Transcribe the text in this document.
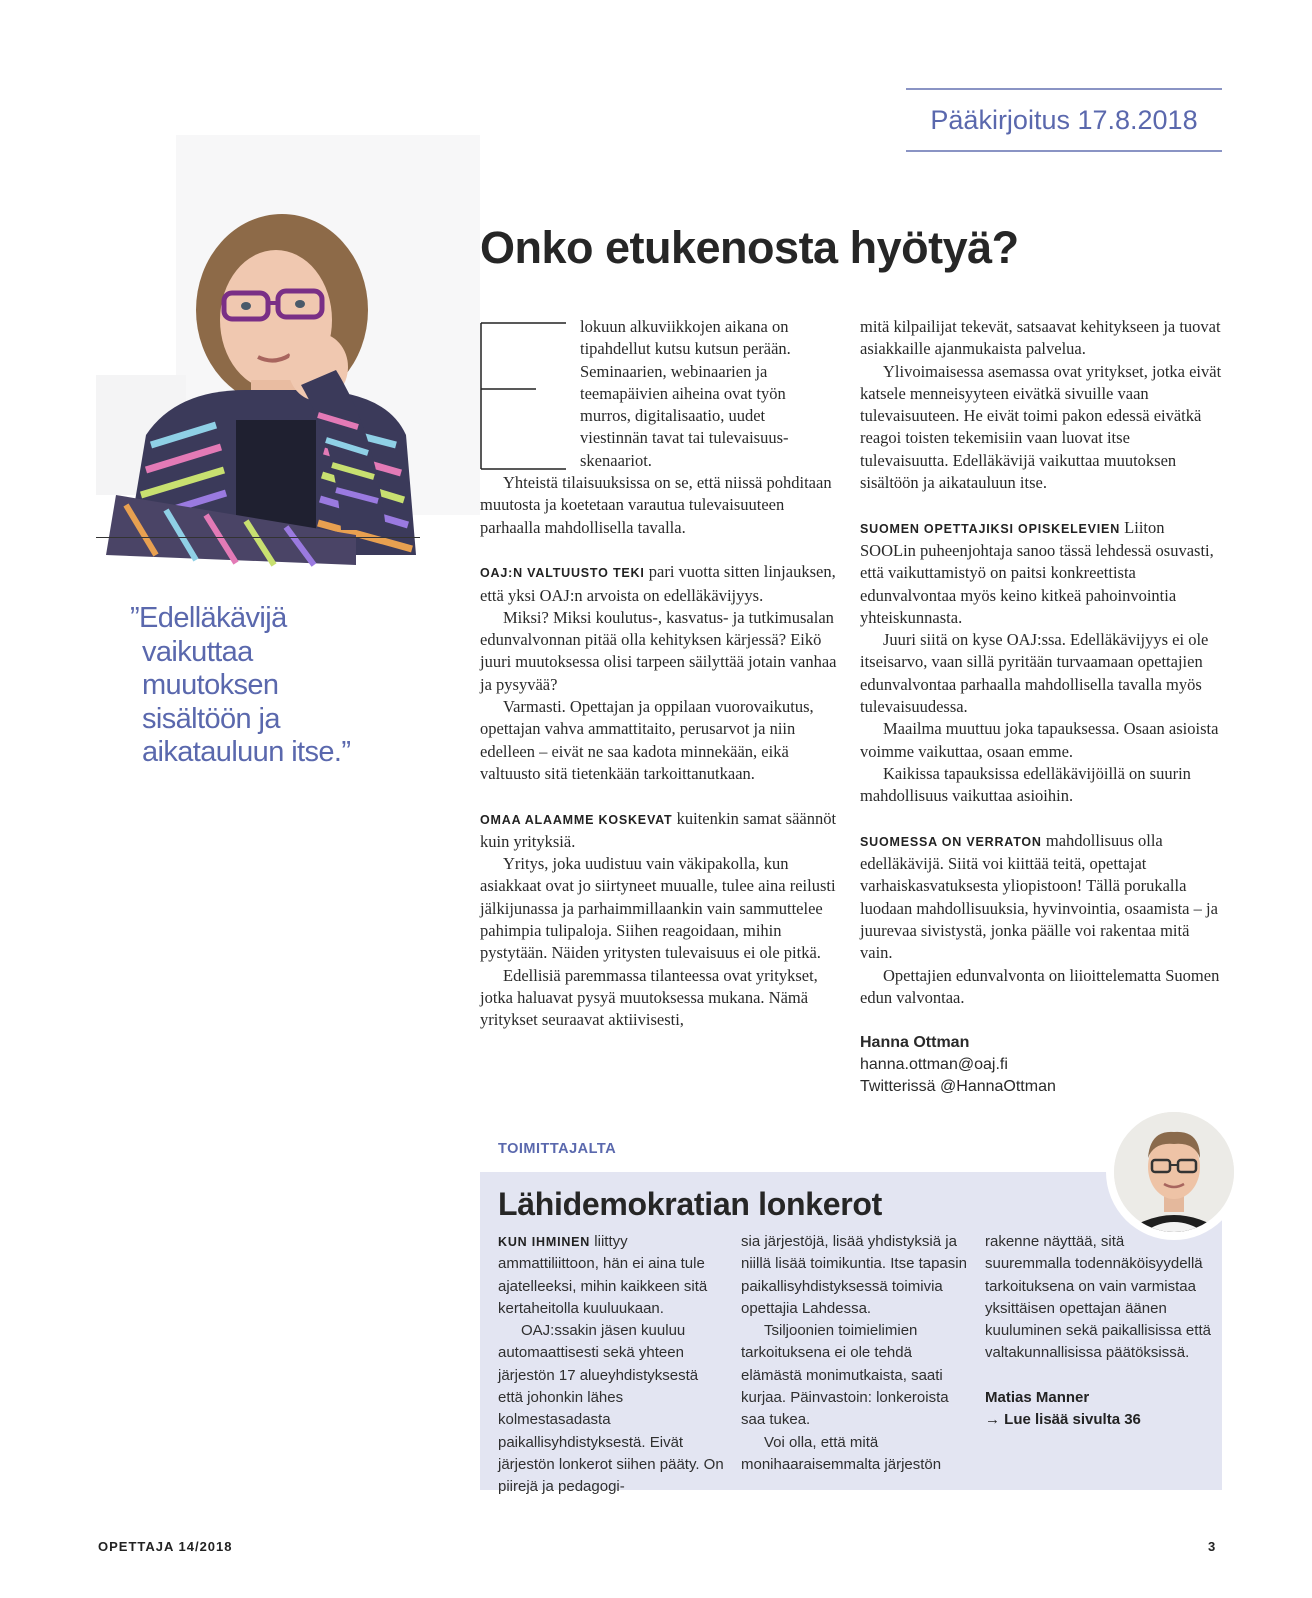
Pääkirjoitus 17.8.2018
”Edelläkävijä
vaikuttaa
muutoksen
sisältöön ja
aikatauluun itse.”
Onko etukenosta hyötyä?

lokuun alkuviikkojen aikana on

tipahdellut kutsu kutsun perään.

Seminaarien, webinaarien ja

teemapäivien aiheina ovat työn

murros, digitalisaatio, uudet

viestinnän tavat tai tulevaisuus-

skenaariot.

Yhteistä tilaisuuksissa on se, että niissä pohditaan muutosta ja koetetaan varautua tulevaisuuteen parhaalla mahdollisella tavalla.

OAJ:N VALTUUSTO TEKI pari vuotta sitten linjauksen, että yksi OAJ:n arvoista on edelläkävijyys.

Miksi? Miksi koulutus-, kasvatus- ja tutkimusalan edunvalvonnan pitää olla kehityksen kärjessä? Eikö juuri muutoksessa olisi tarpeen säilyttää jotain vanhaa ja pysyvää?

Varmasti. Opettajan ja oppilaan vuorovaikutus, opettajan vahva ammattitaito, perusarvot ja niin edelleen – eivät ne saa kadota minnekään, eikä valtuusto sitä tietenkään tarkoittanutkaan.

OMAA ALAAMME KOSKEVAT kuitenkin samat säännöt kuin yrityksiä.

Yritys, joka uudistuu vain väkipakolla, kun asiakkaat ovat jo siirtyneet muualle, tulee aina reilusti jälkijunassa ja parhaimmillaankin vain sammuttelee pahimpia tulipaloja. Siihen reagoidaan, mihin pystytään. Näiden yritysten tulevaisuus ei ole pitkä.

Edellisiä paremmassa tilanteessa ovat yritykset, jotka haluavat pysyä muutoksessa mukana. Nämä yritykset seuraavat aktiivisesti,

mitä kilpailijat tekevät, satsaavat kehitykseen ja tuovat asiakkaille ajanmukaista palvelua.

Ylivoimaisessa asemassa ovat yritykset, jotka eivät katsele menneisyyteen eivätkä sivuille vaan tulevaisuuteen. He eivät toimi pakon edessä eivätkä reagoi toisten tekemisiin vaan luovat itse tulevaisuutta. Edelläkävijä vaikuttaa muutoksen sisältöön ja aikatauluun itse.

SUOMEN OPETTAJIKSI OPISKELEVIEN Liiton SOOLin puheenjohtaja sanoo tässä lehdessä osuvasti, että vaikuttamistyö on paitsi konkreettista edunvalvontaa myös keino kitkeä pahoinvointia yhteiskunnasta.

Juuri siitä on kyse OAJ:ssa. Edelläkävijyys ei ole itseisarvo, vaan sillä pyritään turvaamaan opettajien edunvalvontaa parhaalla mahdollisella tavalla myös tulevaisuudessa.

Maailma muuttuu joka tapauksessa. Osaan asioista voimme vaikuttaa, osaan emme.

Kaikissa tapauksissa edelläkävijöillä on suurin mahdollisuus vaikuttaa asioihin.

SUOMESSA ON VERRATON mahdollisuus olla edelläkävijä. Siitä voi kiittää teitä, opettajat varhaiskasvatuksesta yliopistoon! Tällä porukalla luodaan mahdollisuuksia, hyvinvointia, osaamista – ja juurevaa sivistystä, jonka päälle voi rakentaa mitä vain.

Opettajien edunvalvonta on liioittelematta Suomen edun valvontaa.

Hanna Ottman

hanna.ottman@oaj.fi

Twitterissä @HannaOttman

TOIMITTAJALTA
Lähidemokratian lonkerot

KUN IHMINEN liittyy ammattiliittoon, hän ei aina tule ajatelleeksi, mihin kaikkeen sitä kertaheitolla kuuluukaan.

OAJ:ssakin jäsen kuuluu automaattisesti sekä yhteen järjestön 17 alueyhdistyksestä että johonkin lähes kolmestasadasta paikallisyhdistyksestä. Eivät järjestön lonkerot siihen pääty. On piirejä ja pedagogi-

sia järjestöjä, lisää yhdistyksiä ja niillä lisää toimikuntia. Itse tapasin paikallisyhdistyksessä toimivia opettajia Lahdessa.

Tsiljoonien toimielimien tarkoituksena ei ole tehdä elämästä monimutkaista, saati kurjaa. Päinvastoin: lonkeroista saa tukea.

Voi olla, että mitä monihaaraisemmalta järjestön

rakenne näyttää, sitä suuremmalla todennäköisyydellä tarkoituksena on vain varmistaa yksittäisen opettajan äänen kuuluminen sekä paikallisissa että valtakunnallisissa päätöksissä.

Matias Manner

→ Lue lisää sivulta 36

OPETTAJA 14/2018	3
